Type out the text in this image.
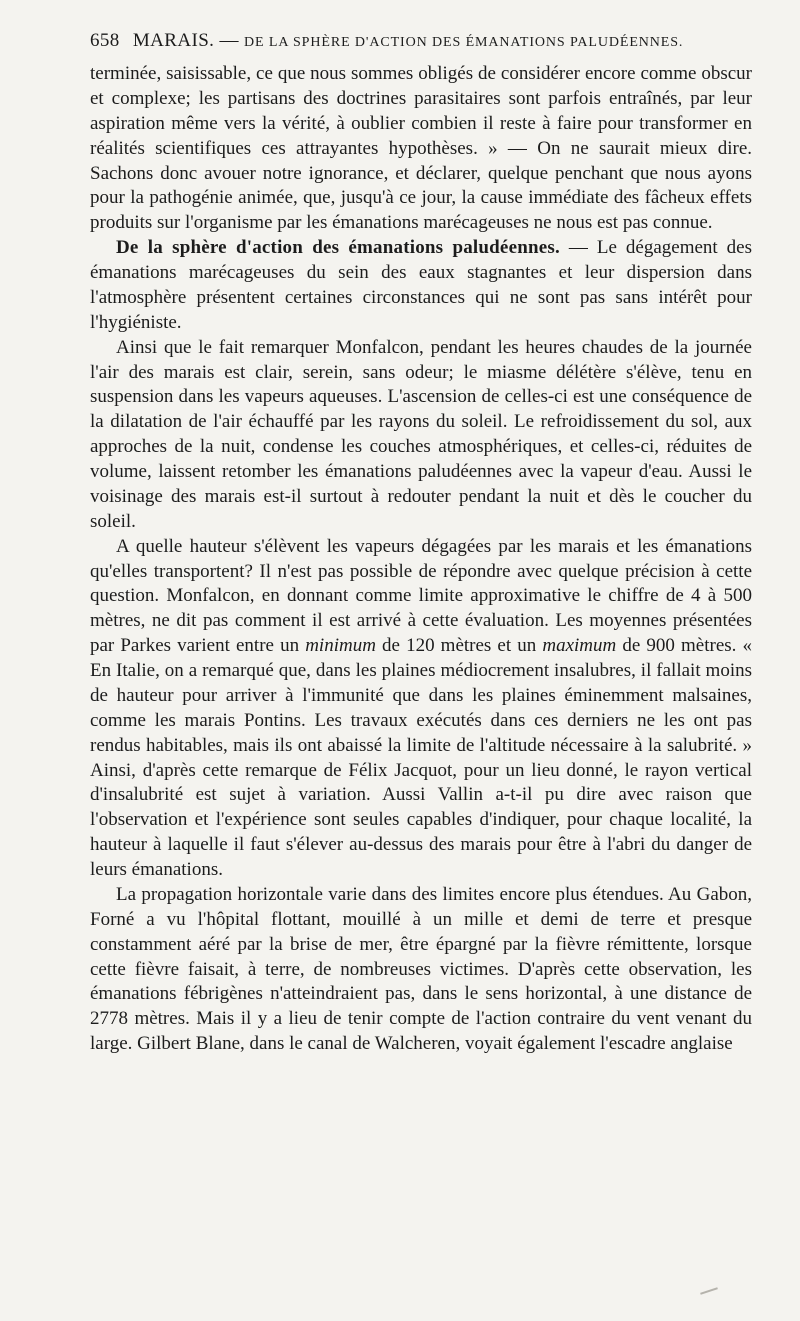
658 MARAIS. — DE LA SPHÈRE D'ACTION DES ÉMANATIONS PALUDÉENNES.

terminée, saisissable, ce que nous sommes obligés de considérer encore comme obscur et complexe; les partisans des doctrines parasitaires sont parfois entraînés, par leur aspiration même vers la vérité, à oublier combien il reste à faire pour transformer en réalités scientifiques ces attrayantes hypothèses. » — On ne saurait mieux dire. Sachons donc avouer notre ignorance, et déclarer, quelque penchant que nous ayons pour la pathogénie animée, que, jusqu'à ce jour, la cause immédiate des fâcheux effets produits sur l'organisme par les émanations marécageuses ne nous est pas connue.

De la sphère d'action des émanations paludéennes. — Le dégagement des émanations marécageuses du sein des eaux stagnantes et leur dispersion dans l'atmosphère présentent certaines circonstances qui ne sont pas sans intérêt pour l'hygiéniste.

Ainsi que le fait remarquer Monfalcon, pendant les heures chaudes de la journée l'air des marais est clair, serein, sans odeur; le miasme délétère s'élève, tenu en suspension dans les vapeurs aqueuses. L'ascension de celles-ci est une conséquence de la dilatation de l'air échauffé par les rayons du soleil. Le refroidissement du sol, aux approches de la nuit, condense les couches atmosphériques, et celles-ci, réduites de volume, laissent retomber les émanations paludéennes avec la vapeur d'eau. Aussi le voisinage des marais est-il surtout à redouter pendant la nuit et dès le coucher du soleil.

A quelle hauteur s'élèvent les vapeurs dégagées par les marais et les émanations qu'elles transportent? Il n'est pas possible de répondre avec quelque précision à cette question. Monfalcon, en donnant comme limite approximative le chiffre de 4 à 500 mètres, ne dit pas comment il est arrivé à cette évaluation. Les moyennes présentées par Parkes varient entre un minimum de 120 mètres et un maximum de 900 mètres. « En Italie, on a remarqué que, dans les plaines médiocrement insalubres, il fallait moins de hauteur pour arriver à l'immunité que dans les plaines éminemment malsaines, comme les marais Pontins. Les travaux exécutés dans ces derniers ne les ont pas rendus habitables, mais ils ont abaissé la limite de l'altitude nécessaire à la salubrité. » Ainsi, d'après cette remarque de Félix Jacquot, pour un lieu donné, le rayon vertical d'insalubrité est sujet à variation. Aussi Vallin a-t-il pu dire avec raison que l'observation et l'expérience sont seules capables d'indiquer, pour chaque localité, la hauteur à laquelle il faut s'élever au-dessus des marais pour être à l'abri du danger de leurs émanations.

La propagation horizontale varie dans des limites encore plus étendues. Au Gabon, Forné a vu l'hôpital flottant, mouillé à un mille et demi de terre et presque constamment aéré par la brise de mer, être épargné par la fièvre rémittente, lorsque cette fièvre faisait, à terre, de nombreuses victimes. D'après cette observation, les émanations fébrigènes n'atteindraient pas, dans le sens horizontal, à une distance de 2778 mètres. Mais il y a lieu de tenir compte de l'action contraire du vent venant du large. Gilbert Blane, dans le canal de Walcheren, voyait également l'escadre anglaise
